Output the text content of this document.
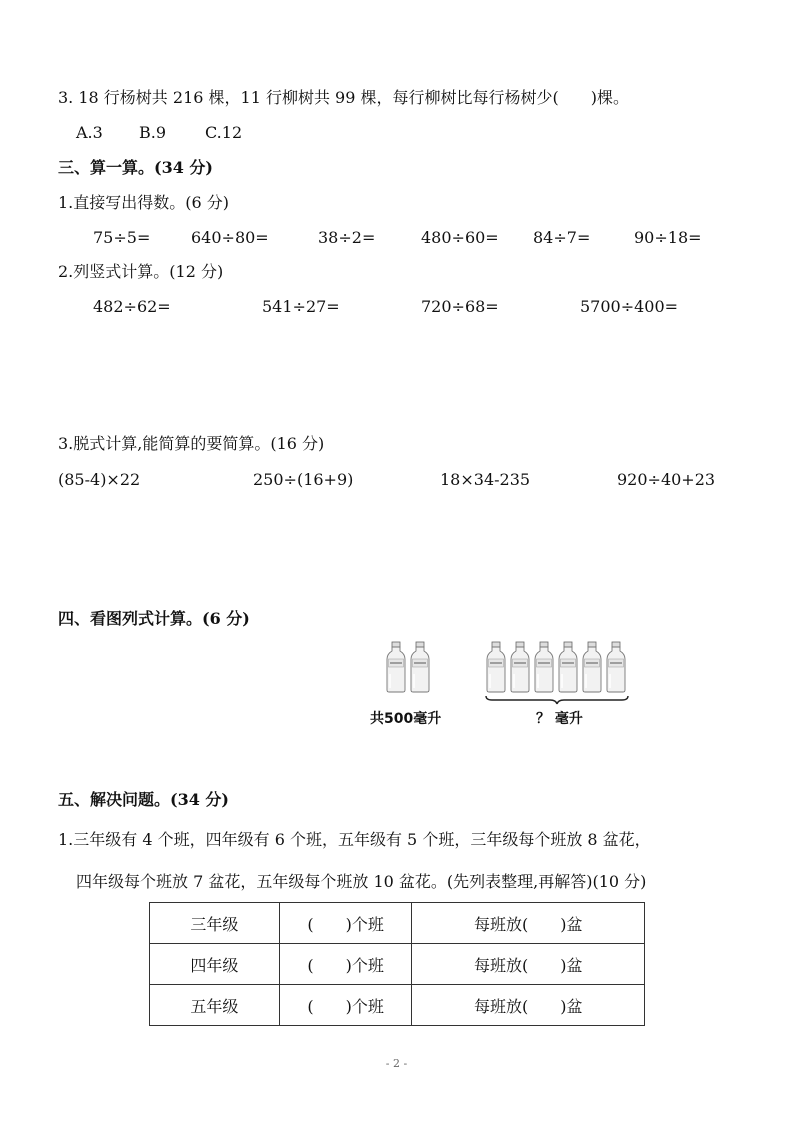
3. 18 行杨树共 216 棵，11 行柳树共 99 棵，每行柳树比每行杨树少(　　)棵。
A.3 B.9 C.12
三、算一算。(34 分)
1.直接写出得数。(6 分)
75÷5=	640÷80=	38÷2=	480÷60= 84÷7=	90÷18=
2.列竖式计算。(12 分)
482÷62=	541÷27=	720÷68=	5700÷400=
3.脱式计算,能简算的要简算。(16 分)
(85-4)×22	250÷(16+9)	18×34-235	920÷40+23
四、看图列式计算。(6 分)
共500毫升	？ 毫升
五、解决问题。(34 分)
1.三年级有 4 个班，四年级有 6 个班，五年级有 5 个班，三年级每个班放 8 盆花，
四年级每个班放 7 盆花，五年级每个班放 10 盆花。(先列表整理,再解答)(10 分)
三年级	(　　)个班	每班放(　　)盆
四年级	(　　)个班	每班放(　　)盆
五年级	(　　)个班	每班放(　　)盆
- 2 -
